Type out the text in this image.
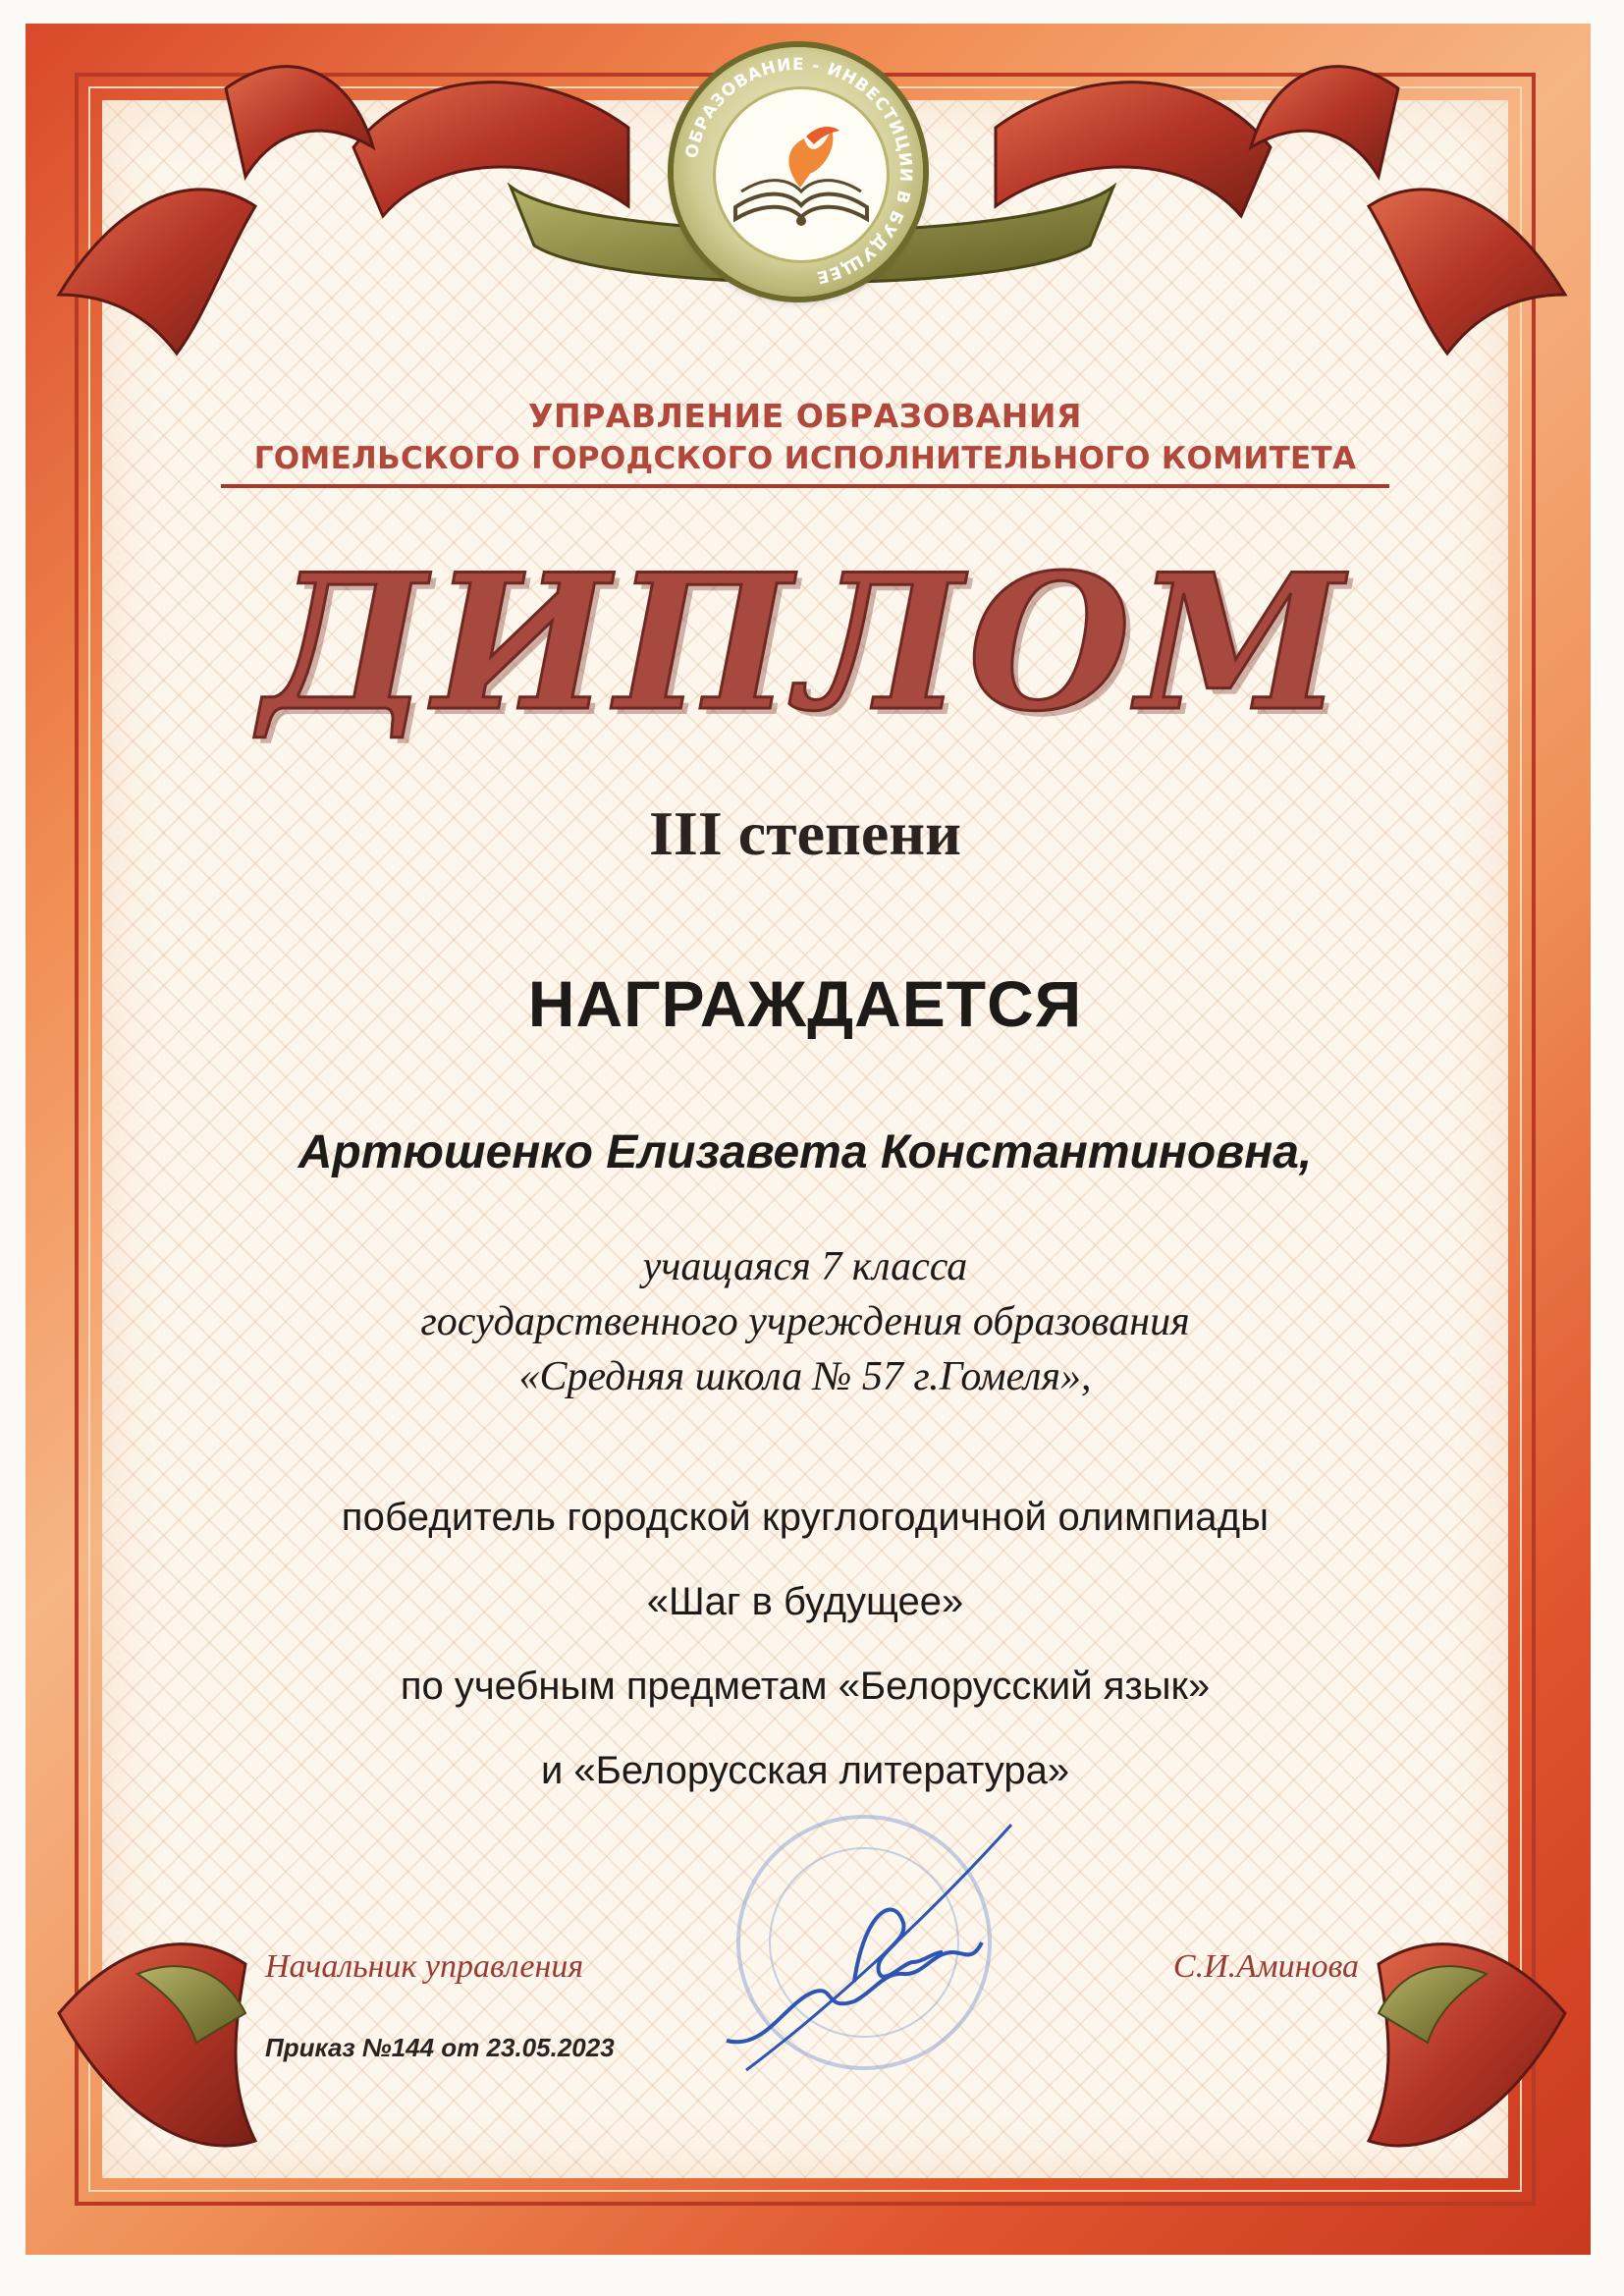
ОБРАЗОВАНИЕ - ИНВЕСТИЦИИ В БУДУЩЕЕ

УПРАВЛЕНИЕ ОБРАЗОВАНИЯ

ГОМЕЛЬСКОГО ГОРОДСКОГО ИСПОЛНИТЕЛЬНОГО КОМИТЕТА

ДИПЛОМ
III степени
НАГРАЖДАЕТСЯ
Артюшенко Елизавета Константиновна,
учащаяся 7 класса
государственного учреждения образования
«Средняя школа № 57 г.Гомеля»,
победитель городской круглогодичной олимпиады
«Шаг в будущее»
по учебным предметам «Белорусский язык»
и «Белорусская литература»
Начальник управления	С.И.Аминова
Приказ №144 от 23.05.2023
